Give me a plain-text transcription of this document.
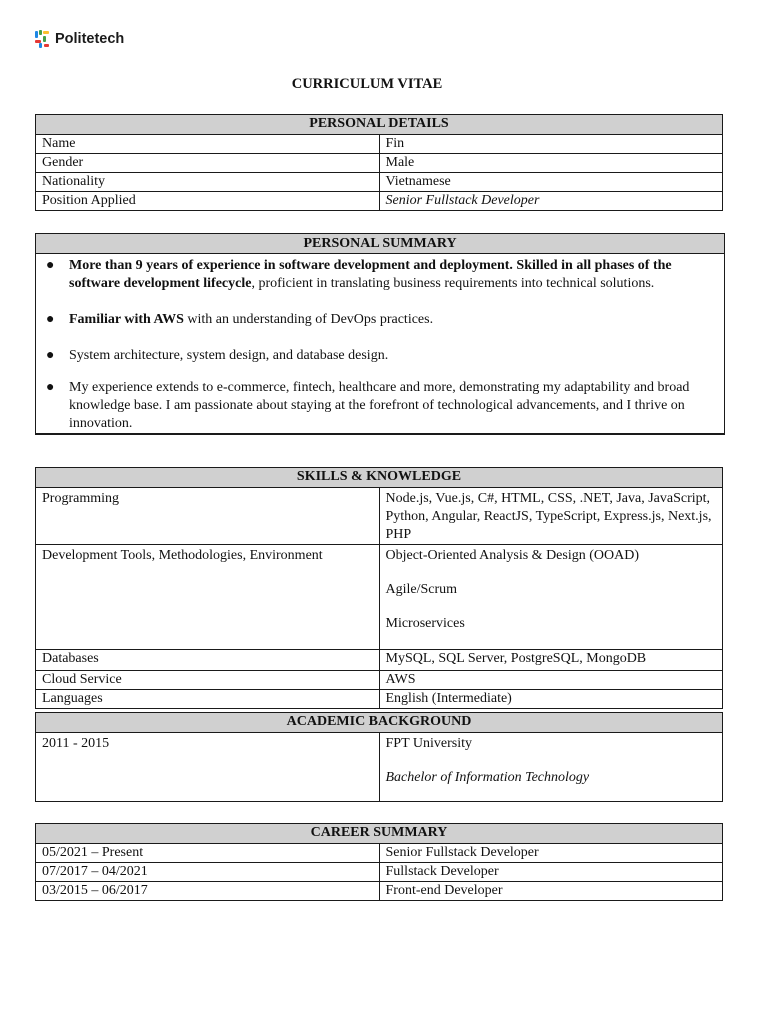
Politetech
CURRICULUM VITAE
PERSONAL DETAILS	
Name	Fin
Gender	Male
Nationality	Vietnamese
Position Applied	Senior Fullstack Developer
PERSONAL SUMMARY
● More than 9 years of experience in software development and deployment. Skilled in all phases of the software development lifecycle, proficient in translating business requirements into technical solutions.
● Familiar with AWS with an understanding of DevOps practices.
● System architecture, system design, and database design.
● My experience extends to e-commerce, fintech, healthcare and more, demonstrating my adaptability and broad knowledge base. I am passionate about staying at the forefront of technological advancements, and I thrive on innovation.
SKILLS & KNOWLEDGE	
Programming	Node.js, Vue.js, C#, HTML, CSS, .NET, Java, JavaScript, Python, Angular, ReactJS, TypeScript, Express.js, Next.js, PHP
Development Tools, Methodologies, Environment	Object-Oriented Analysis & Design (OOAD)
Agile/Scrum
Microservices

Databases	MySQL, SQL Server, PostgreSQL, MongoDB
Cloud Service	AWS
Languages	English (Intermediate)
ACADEMIC BACKGROUND
2011 - 2015	FPT University
Bachelor of Information Technology
CAREER SUMMARY	
05/2021 – Present	Senior Fullstack Developer
07/2017 – 04/2021	Fullstack Developer
03/2015 – 06/2017	Front-end Developer
